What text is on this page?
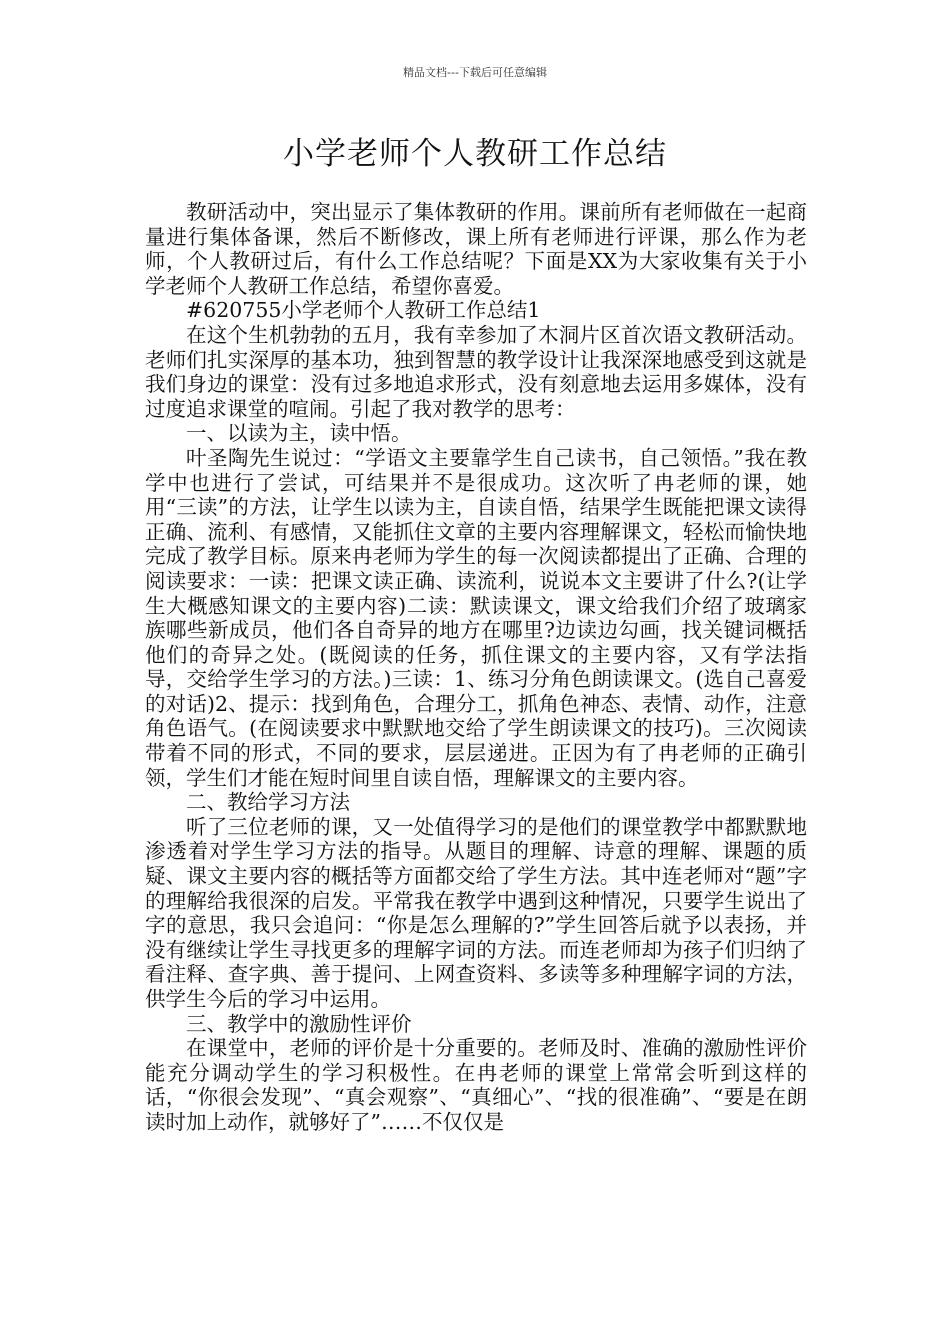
精品文档---下载后可任意编辑
小学老师个人教研工作总结

教研活动中，突出显示了集体教研的作用。课前所有老师做在一起商量进行集体备课，然后不断修改，课上所有老师进行评课，那么作为老师，个人教研过后，有什么工作总结呢？下面是XX为大家收集有关于小学老师个人教研工作总结，希望你喜爱。

#620755小学老师个人教研工作总结1

在这个生机勃勃的五月，我有幸参加了木洞片区首次语文教研活动。老师们扎实深厚的基本功，独到智慧的教学设计让我深深地感受到这就是我们身边的课堂：没有过多地追求形式，没有刻意地去运用多媒体，没有过度追求课堂的喧闹。引起了我对教学的思考：

一、以读为主，读中悟。

叶圣陶先生说过：“学语文主要靠学生自己读书，自己领悟。”我在教学中也进行了尝试，可结果并不是很成功。这次听了冉老师的课，她用“三读”的方法，让学生以读为主，自读自悟，结果学生既能把课文读得正确、流利、有感情，又能抓住文章的主要内容理解课文，轻松而愉快地完成了教学目标。原来冉老师为学生的每一次阅读都提出了正确、合理的阅读要求：一读：把课文读正确、读流利，说说本文主要讲了什么?(让学生大概感知课文的主要内容)二读：默读课文，课文给我们介绍了玻璃家族哪些新成员，他们各自奇异的地方在哪里?边读边勾画，找关键词概括他们的奇异之处。(既阅读的任务，抓住课文的主要内容，又有学法指导，交给学生学习的方法。)三读：1、练习分角色朗读课文。(选自己喜爱的对话)2、提示：找到角色，合理分工，抓角色神态、表情、动作，注意角色语气。(在阅读要求中默默地交给了学生朗读课文的技巧)。三次阅读带着不同的形式，不同的要求，层层递进。正因为有了冉老师的正确引领，学生们才能在短时间里自读自悟，理解课文的主要内容。

二、教给学习方法

听了三位老师的课，又一处值得学习的是他们的课堂教学中都默默地渗透着对学生学习方法的指导。从题目的理解、诗意的理解、课题的质疑、课文主要内容的概括等方面都交给了学生方法。其中连老师对“题”字的理解给我很深的启发。平常我在教学中遇到这种情况，只要学生说出了字的意思，我只会追问：“你是怎么理解的?”学生回答后就予以表扬，并没有继续让学生寻找更多的理解字词的方法。而连老师却为孩子们归纳了看注释、查字典、善于提问、上网查资料、多读等多种理解字词的方法，供学生今后的学习中运用。

三、教学中的激励性评价

在课堂中，老师的评价是十分重要的。老师及时、准确的激励性评价能充分调动学生的学习积极性。在冉老师的课堂上常常会听到这样的话，“你很会发现”、“真会观察”、“真细心”、“找的很准确”、“要是在朗读时加上动作，就够好了”……不仅仅是
